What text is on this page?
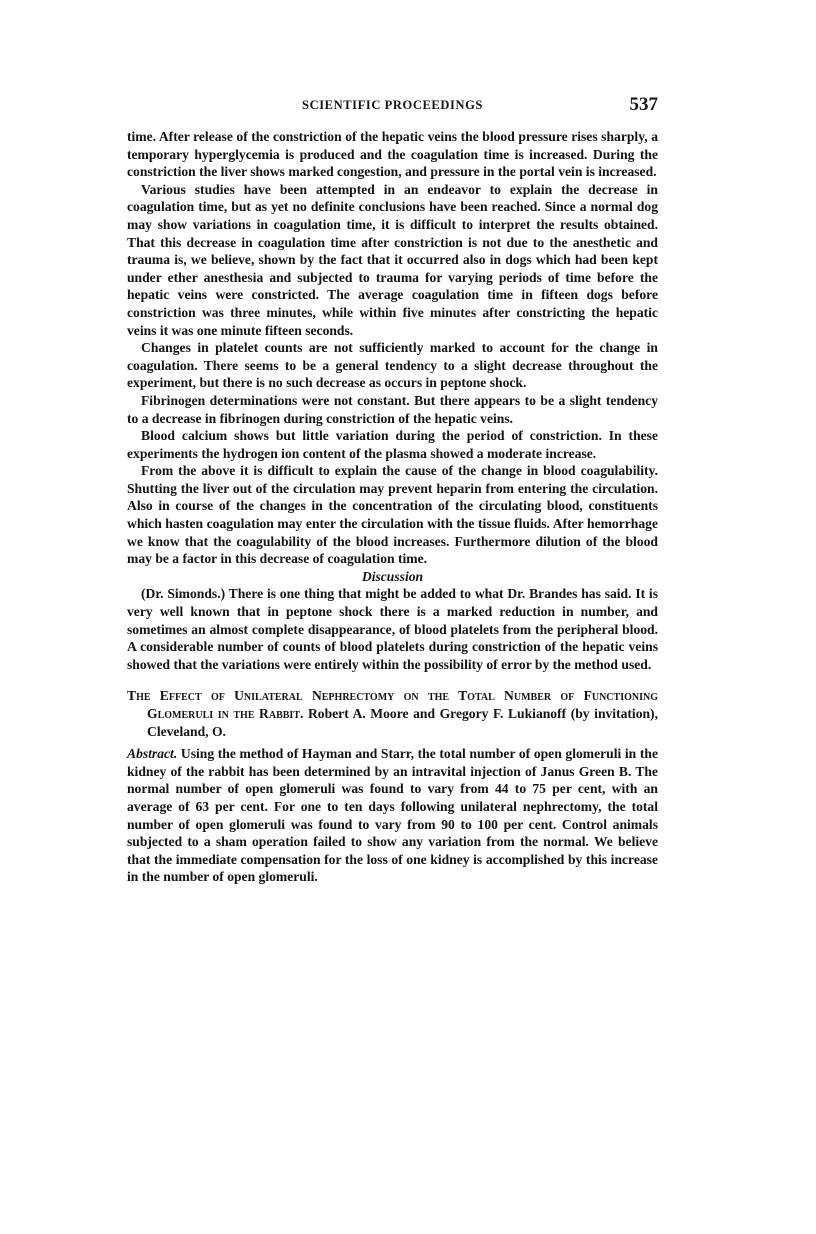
SCIENTIFIC PROCEEDINGS	537

time. After release of the constriction of the hepatic veins the blood pressure rises sharply, a temporary hyperglycemia is produced and the coagulation time is increased. During the constriction the liver shows marked congestion, and pressure in the portal vein is increased.

Various studies have been attempted in an endeavor to explain the decrease in coagulation time, but as yet no definite conclusions have been reached. Since a normal dog may show variations in coagulation time, it is difficult to interpret the results obtained. That this decrease in coagulation time after constriction is not due to the anesthetic and trauma is, we believe, shown by the fact that it occurred also in dogs which had been kept under ether anesthesia and subjected to trauma for varying periods of time before the hepatic veins were constricted. The average coagulation time in fifteen dogs before constriction was three minutes, while within five minutes after constricting the hepatic veins it was one minute fifteen seconds.

Changes in platelet counts are not sufficiently marked to account for the change in coagulation. There seems to be a general tendency to a slight decrease throughout the experiment, but there is no such decrease as occurs in peptone shock.

Fibrinogen determinations were not constant. But there appears to be a slight tendency to a decrease in fibrinogen during constriction of the hepatic veins.

Blood calcium shows but little variation during the period of constriction. In these experiments the hydrogen ion content of the plasma showed a moderate increase.

From the above it is difficult to explain the cause of the change in blood coagulability. Shutting the liver out of the circulation may prevent heparin from entering the circulation. Also in course of the changes in the concentration of the circulating blood, constituents which hasten coagulation may enter the circulation with the tissue fluids. After hemorrhage we know that the coagulability of the blood increases. Furthermore dilution of the blood may be a factor in this decrease of coagulation time.

Discussion

(Dr. Simonds.) There is one thing that might be added to what Dr. Brandes has said. It is very well known that in peptone shock there is a marked reduction in number, and sometimes an almost complete disappearance, of blood platelets from the peripheral blood. A considerable number of counts of blood platelets during constriction of the hepatic veins showed that the variations were entirely within the possibility of error by the method used.

The Effect of Unilateral Nephrectomy on the Total Number of Functioning Glomeruli in the Rabbit. Robert A. Moore and Gregory F. Lukianoff (by invitation), Cleveland, O.

Abstract. Using the method of Hayman and Starr, the total number of open glomeruli in the kidney of the rabbit has been determined by an intravital injection of Janus Green B. The normal number of open glomeruli was found to vary from 44 to 75 per cent, with an average of 63 per cent. For one to ten days following unilateral nephrectomy, the total number of open glomeruli was found to vary from 90 to 100 per cent. Control animals subjected to a sham operation failed to show any variation from the normal. We believe that the immediate compensation for the loss of one kidney is accomplished by this increase in the number of open glomeruli.
